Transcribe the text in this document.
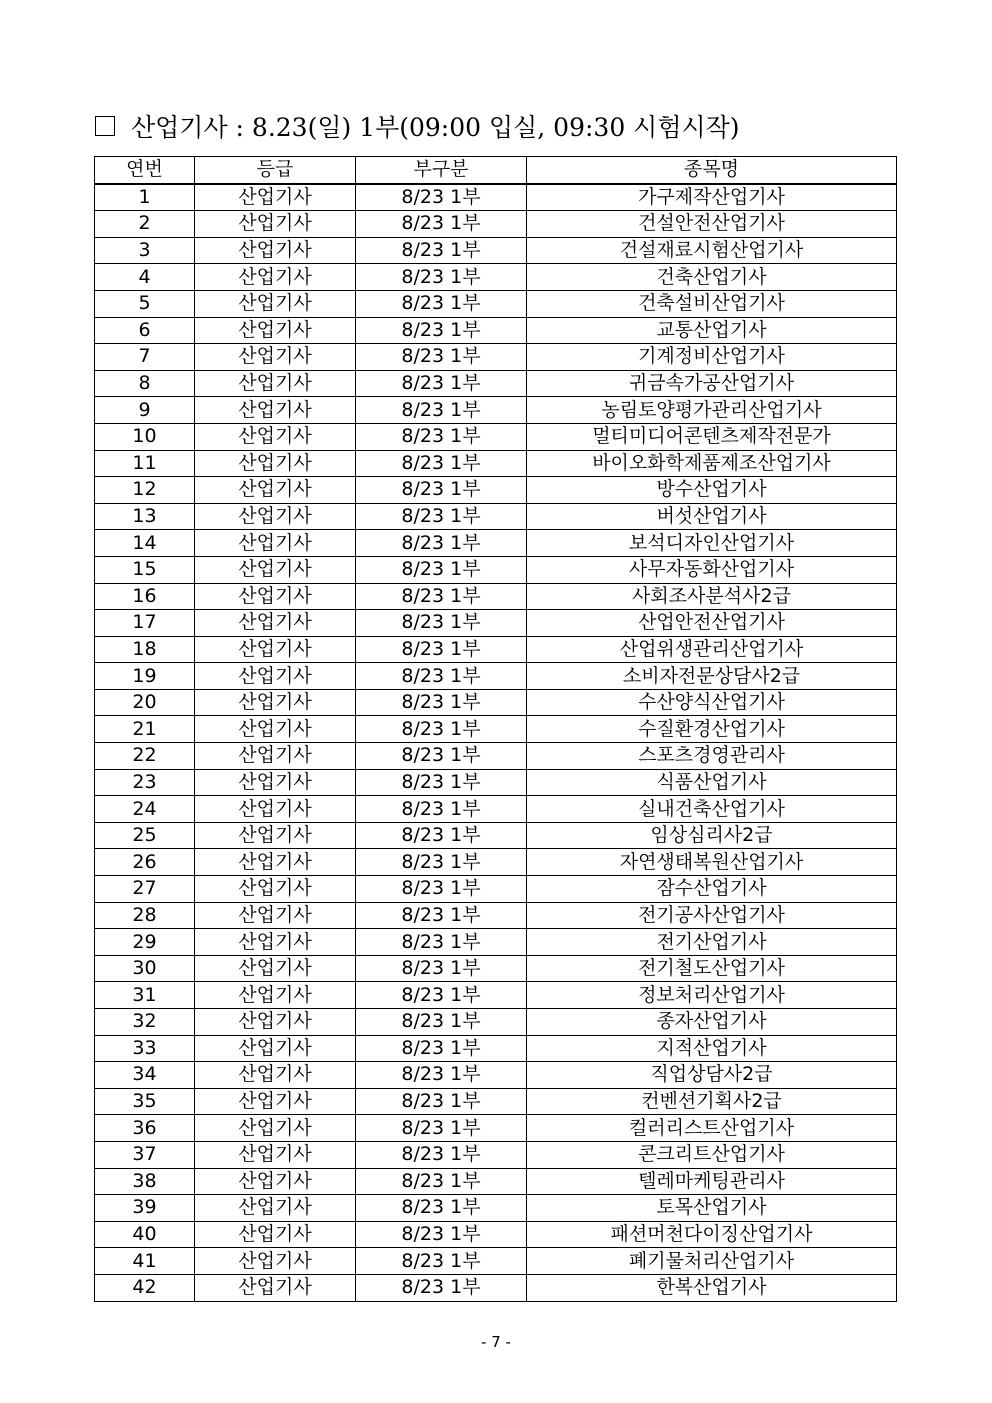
산업기사 : 8.23(일) 1부(09:00 입실, 09:30 시험시작)
연번	등급	부구분	종목명
1	산업기사	8/23 1부	가구제작산업기사
2	산업기사	8/23 1부	건설안전산업기사
3	산업기사	8/23 1부	건설재료시험산업기사
4	산업기사	8/23 1부	건축산업기사
5	산업기사	8/23 1부	건축설비산업기사
6	산업기사	8/23 1부	교통산업기사
7	산업기사	8/23 1부	기계정비산업기사
8	산업기사	8/23 1부	귀금속가공산업기사
9	산업기사	8/23 1부	농림토양평가관리산업기사
10	산업기사	8/23 1부	멀티미디어콘텐츠제작전문가
11	산업기사	8/23 1부	바이오화학제품제조산업기사
12	산업기사	8/23 1부	방수산업기사
13	산업기사	8/23 1부	버섯산업기사
14	산업기사	8/23 1부	보석디자인산업기사
15	산업기사	8/23 1부	사무자동화산업기사
16	산업기사	8/23 1부	사회조사분석사2급
17	산업기사	8/23 1부	산업안전산업기사
18	산업기사	8/23 1부	산업위생관리산업기사
19	산업기사	8/23 1부	소비자전문상담사2급
20	산업기사	8/23 1부	수산양식산업기사
21	산업기사	8/23 1부	수질환경산업기사
22	산업기사	8/23 1부	스포츠경영관리사
23	산업기사	8/23 1부	식품산업기사
24	산업기사	8/23 1부	실내건축산업기사
25	산업기사	8/23 1부	임상심리사2급
26	산업기사	8/23 1부	자연생태복원산업기사
27	산업기사	8/23 1부	잠수산업기사
28	산업기사	8/23 1부	전기공사산업기사
29	산업기사	8/23 1부	전기산업기사
30	산업기사	8/23 1부	전기철도산업기사
31	산업기사	8/23 1부	정보처리산업기사
32	산업기사	8/23 1부	종자산업기사
33	산업기사	8/23 1부	지적산업기사
34	산업기사	8/23 1부	직업상담사2급
35	산업기사	8/23 1부	컨벤션기획사2급
36	산업기사	8/23 1부	컬러리스트산업기사
37	산업기사	8/23 1부	콘크리트산업기사
38	산업기사	8/23 1부	텔레마케팅관리사
39	산업기사	8/23 1부	토목산업기사
40	산업기사	8/23 1부	패션머천다이징산업기사
41	산업기사	8/23 1부	폐기물처리산업기사
42	산업기사	8/23 1부	한복산업기사
- 7 -
